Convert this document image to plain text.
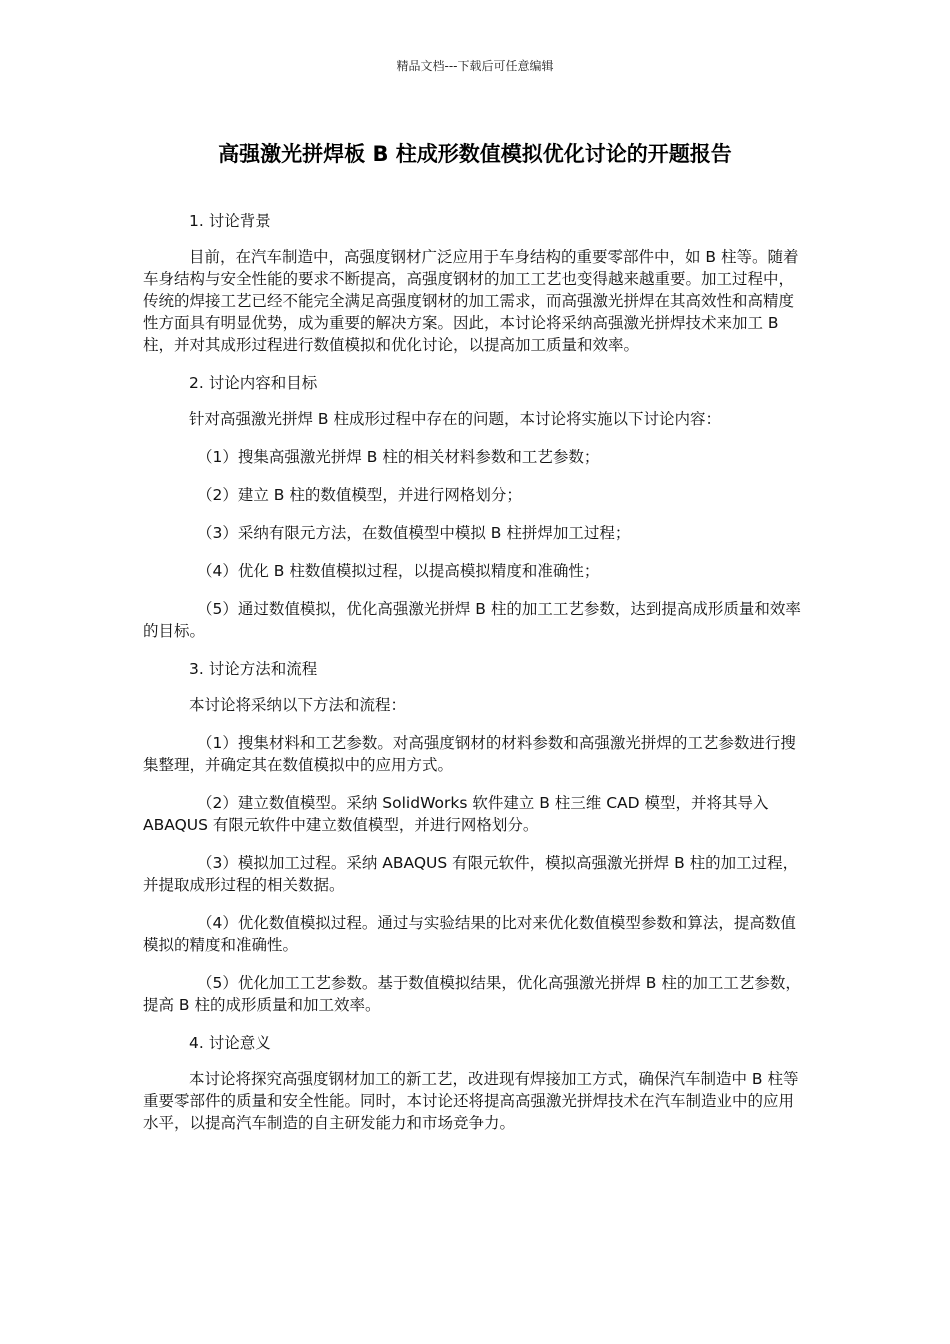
精品文档---下载后可任意编辑
高强激光拼焊板 B 柱成形数值模拟优化讨论的开题报告

1. 讨论背景

目前，在汽车制造中，高强度钢材广泛应用于车身结构的重要零部件中，如 B 柱等。随着车身结构与安全性能的要求不断提高，高强度钢材的加工工艺也变得越来越重要。加工过程中，传统的焊接工艺已经不能完全满足高强度钢材的加工需求，而高强激光拼焊在其高效性和高精度性方面具有明显优势，成为重要的解决方案。因此，本讨论将采纳高强激光拼焊技术来加工 B 柱，并对其成形过程进行数值模拟和优化讨论，以提高加工质量和效率。

2. 讨论内容和目标

针对高强激光拼焊 B 柱成形过程中存在的问题，本讨论将实施以下讨论内容：

（1）搜集高强激光拼焊 B 柱的相关材料参数和工艺参数；

（2）建立 B 柱的数值模型，并进行网格划分；

（3）采纳有限元方法，在数值模型中模拟 B 柱拼焊加工过程；

（4）优化 B 柱数值模拟过程，以提高模拟精度和准确性；

（5）通过数值模拟，优化高强激光拼焊 B 柱的加工工艺参数，达到提高成形质量和效率的目标。

3. 讨论方法和流程

本讨论将采纳以下方法和流程：

（1）搜集材料和工艺参数。对高强度钢材的材料参数和高强激光拼焊的工艺参数进行搜集整理，并确定其在数值模拟中的应用方式。

（2）建立数值模型。采纳 SolidWorks 软件建立 B 柱三维 CAD 模型，并将其导入 ABAQUS 有限元软件中建立数值模型，并进行网格划分。

（3）模拟加工过程。采纳 ABAQUS 有限元软件，模拟高强激光拼焊 B 柱的加工过程，并提取成形过程的相关数据。

（4）优化数值模拟过程。通过与实验结果的比对来优化数值模型参数和算法，提高数值模拟的精度和准确性。

（5）优化加工工艺参数。基于数值模拟结果，优化高强激光拼焊 B 柱的加工工艺参数，提高 B 柱的成形质量和加工效率。

4. 讨论意义

本讨论将探究高强度钢材加工的新工艺，改进现有焊接加工方式，确保汽车制造中 B 柱等重要零部件的质量和安全性能。同时，本讨论还将提高高强激光拼焊技术在汽车制造业中的应用水平，以提高汽车制造的自主研发能力和市场竞争力。
